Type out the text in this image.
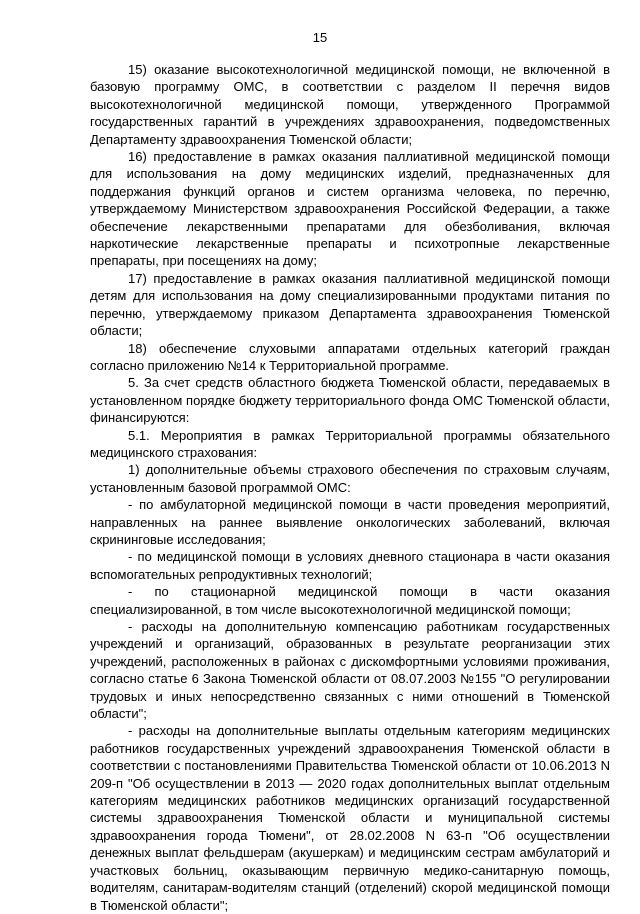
15

15) оказание высокотехнологичной медицинской помощи, не включенной в базовую программу ОМС, в соответствии с разделом II перечня видов высокотехнологичной медицинской помощи, утвержденного Программой государственных гарантий в учреждениях здравоохранения, подведомственных Департаменту здравоохранения Тюменской области;

16) предоставление в рамках оказания паллиативной медицинской помощи для использования на дому медицинских изделий, предназначенных для поддержания функций органов и систем организма человека, по перечню, утверждаемому Министерством здравоохранения Российской Федерации, а также обеспечение лекарственными препаратами для обезболивания, включая наркотические лекарственные препараты и психотропные лекарственные препараты, при посещениях на дому;

17) предоставление в рамках оказания паллиативной медицинской помощи детям для использования на дому специализированными продуктами питания по перечню, утверждаемому приказом Департамента здравоохранения Тюменской области;

18) обеспечение слуховыми аппаратами отдельных категорий граждан согласно приложению №14 к Территориальной программе.

5. За счет средств областного бюджета Тюменской области, передаваемых в установленном порядке бюджету территориального фонда ОМС Тюменской области, финансируются:

5.1. Мероприятия в рамках Территориальной программы обязательного медицинского страхования:

1) дополнительные объемы страхового обеспечения по страховым случаям, установленным базовой программой ОМС:

- по амбулаторной медицинской помощи в части проведения мероприятий, направленных на раннее выявление онкологических заболеваний, включая скрининговые исследования;

- по медицинской помощи в условиях дневного стационара в части оказания вспомогательных репродуктивных технологий;

- по стационарной медицинской помощи в части оказания специализированной, в том числе высокотехнологичной медицинской помощи;

- расходы на дополнительную компенсацию работникам государственных учреждений и организаций, образованных в результате реорганизации этих учреждений, расположенных в районах с дискомфортными условиями проживания, согласно статье 6 Закона Тюменской области от 08.07.2003 №155 "О регулировании трудовых и иных непосредственно связанных с ними отношений в Тюменской области";

- расходы на дополнительные выплаты отдельным категориям медицинских работников государственных учреждений здравоохранения Тюменской области в соответствии с постановлениями Правительства Тюменской области от 10.06.2013 N 209-п "Об осуществлении в 2013 — 2020 годах дополнительных выплат отдельным категориям медицинских работников медицинских организаций государственной системы здравоохранения Тюменской области и муниципальной системы здравоохранения города Тюмени", от 28.02.2008 N 63-п "Об осуществлении денежных выплат фельдшерам (акушеркам) и медицинским сестрам амбулаторий и участковых больниц, оказывающим первичную медико-санитарную помощь, водителям, санитарам-водителям станций (отделений) скорой медицинской помощи в Тюменской области";
